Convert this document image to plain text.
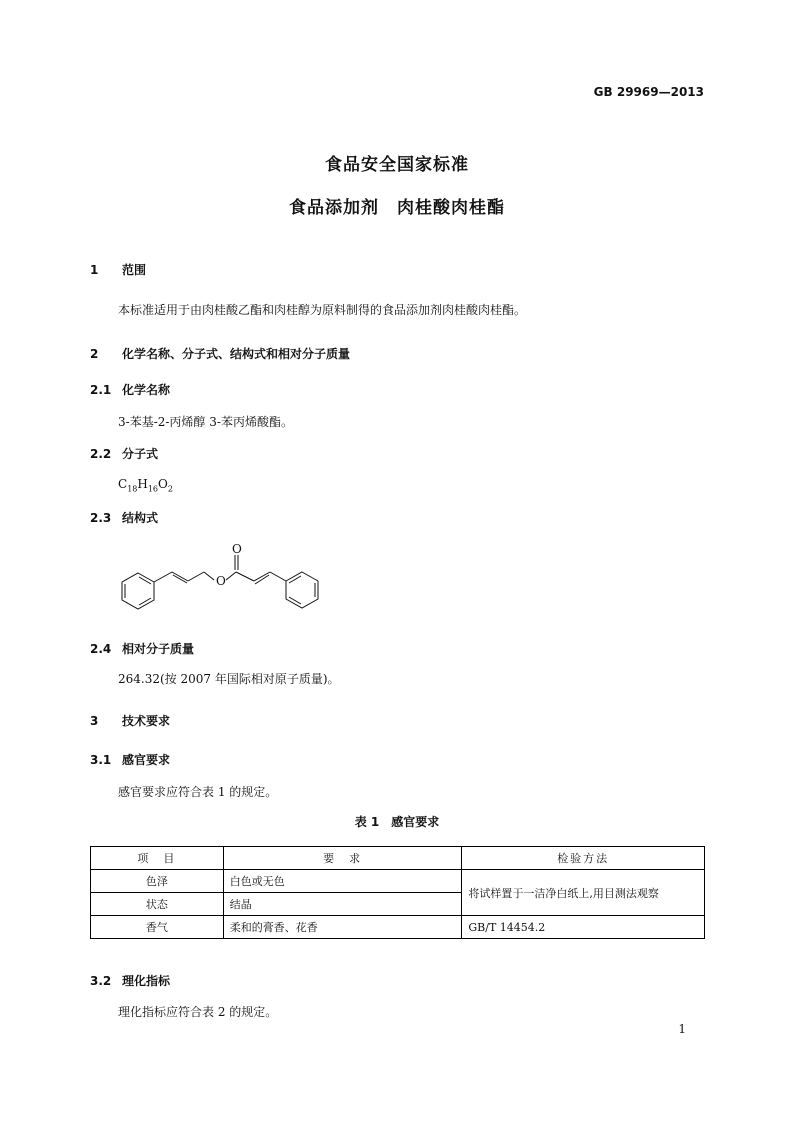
GB 29969—2013
食品安全国家标准
食品添加剂　肉桂酸肉桂酯
1 范围
本标准适用于由肉桂酸乙酯和肉桂醇为原料制得的食品添加剂肉桂酸肉桂酯。
2 化学名称、分子式、结构式和相对分子质量
2.1 化学名称
3-苯基-2-丙烯醇 3-苯丙烯酸酯。
2.2 分子式
$C_{18}H_{16}O_2$
2.3 结构式
O
O
2.4 相对分子质量
264.32(按 2007 年国际相对原子质量)。
3 技术要求
3.1 感官要求
感官要求应符合表 1 的规定。
表 1　感官要求
项　目	要　求	检验方法
色泽	白色或无色	将试样置于一洁净白纸上,用目测法观察
状态	结晶	
香气	柔和的膏香、花香	GB/T 14454.2
3.2 理化指标
理化指标应符合表 2 的规定。
1
